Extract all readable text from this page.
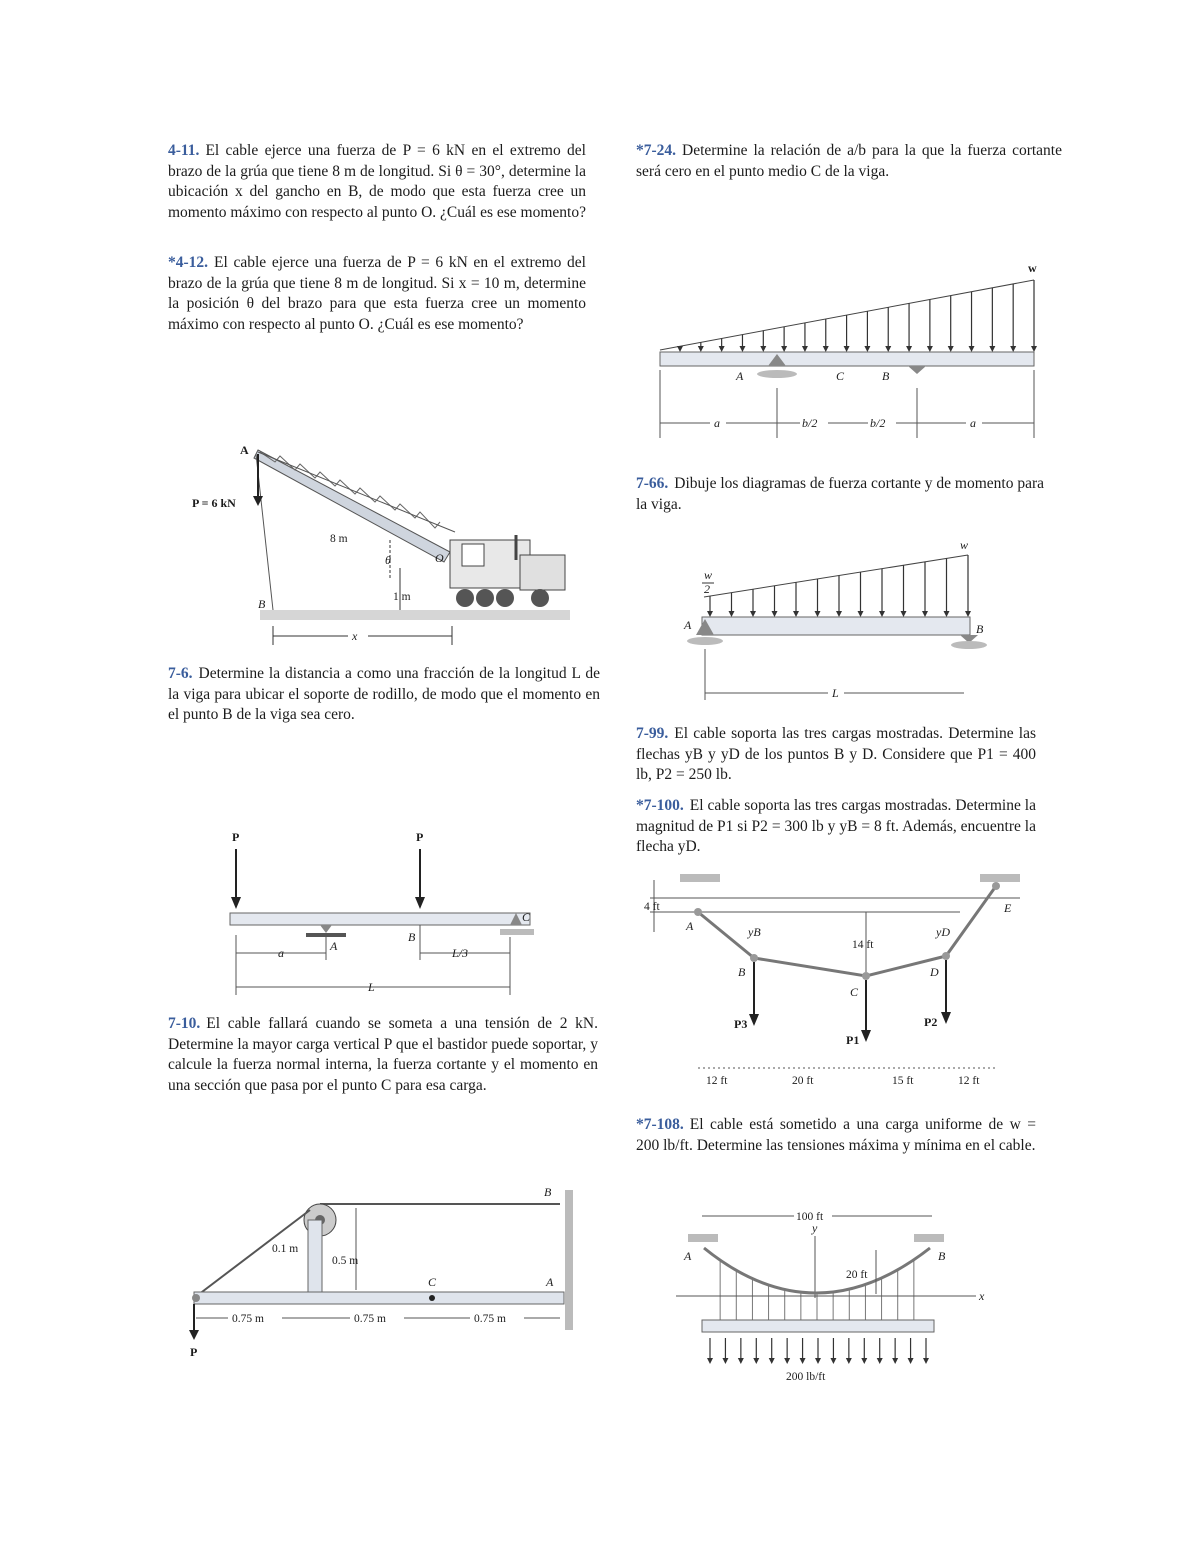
4-11. El cable ejerce una fuerza de P = 6 kN en el extremo del brazo de la grúa que tiene 8 m de longitud. Si θ = 30°, determine la ubicación x del gancho en B, de modo que esta fuerza cree un momento máximo con respecto al punto O. ¿Cuál es ese momento?
*4-12. El cable ejerce una fuerza de P = 6 kN en el extremo del brazo de la grúa que tiene 8 m de longitud. Si x = 10 m, determine la posición θ del brazo para que esta fuerza cree un momento máximo con respecto al punto O. ¿Cuál es ese momento?
7-6. Determine la distancia a como una fracción de la longitud L de la viga para ubicar el soporte de rodillo, de modo que el momento en el punto B de la viga sea cero.
7-10. El cable fallará cuando se someta a una tensión de 2 kN. Determine la mayor carga vertical P que el bastidor puede soportar, y calcule la fuerza normal interna, la fuerza cortante y el momento en una sección que pasa por el punto C para esa carga.
*7-24. Determine la relación de a/b para la que la fuerza cortante será cero en el punto medio C de la viga.
7-66. Dibuje los diagramas de fuerza cortante y de momento para la viga.
7-99. El cable soporta las tres cargas mostradas. Determine las flechas yB y yD de los puntos B y D. Considere que P1 = 400 lb, P2 = 250 lb.
*7-100. El cable soporta las tres cargas mostradas. Determine la magnitud de P1 si P2 = 300 lb y yB = 8 ft. Además, encuentre la flecha yD.
*7-108. El cable está sometido a una carga uniforme de w = 200 lb/ft. Determine las tensiones máxima y mínima en el cable.
A
P = 6 kN
8 m
θ	O
1 m
B
x
P	P
A
B
C
a	L/3
L
P
B
0.1 m
0.5 m
C	A
0.75 m	0.75 m	0.75 m
w
A	C	B
a	b/2	b/2	a
w
w
2
A	B
L
4 ft
14 ft
A
E
yB	yD
B
C
D
P3
P1
P2
12 ft	20 ft	15 ft	12 ft
100 ft
y
x
20 ft
A	B
200 lb/ft
